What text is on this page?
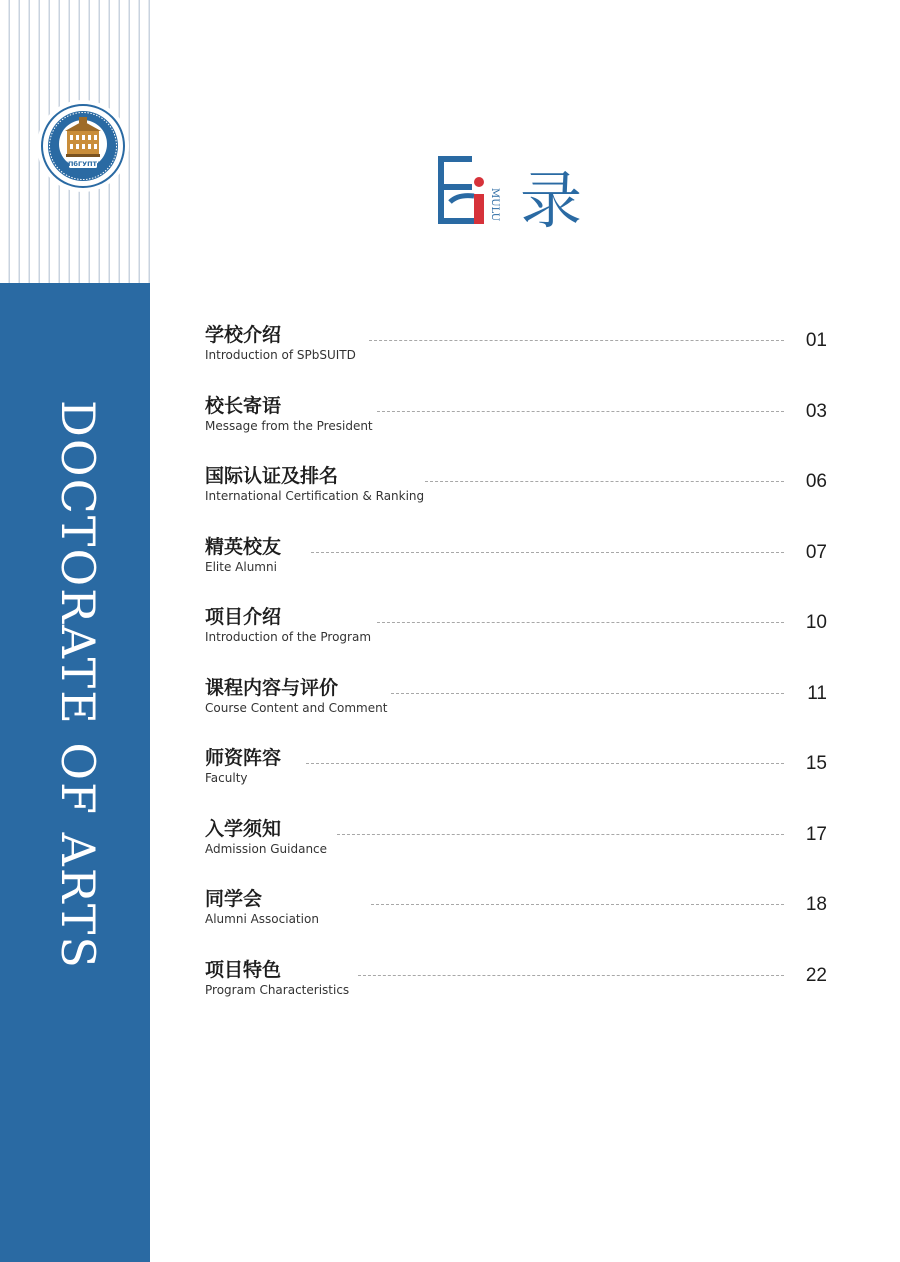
СПбГУПТД
DOCTORATE OF ARTS
录
MULU
学校介绍
Introduction of SPbSUITD
01
校长寄语
Message from the President
03
国际认证及排名
International Certification & Ranking
06
精英校友
Elite Alumni
07
项目介绍
Introduction of the Program
10
课程内容与评价
Course Content and Comment
11
师资阵容
Faculty
15
入学须知
Admission Guidance
17
同学会
Alumni Association
18
项目特色
Program Characteristics
22
